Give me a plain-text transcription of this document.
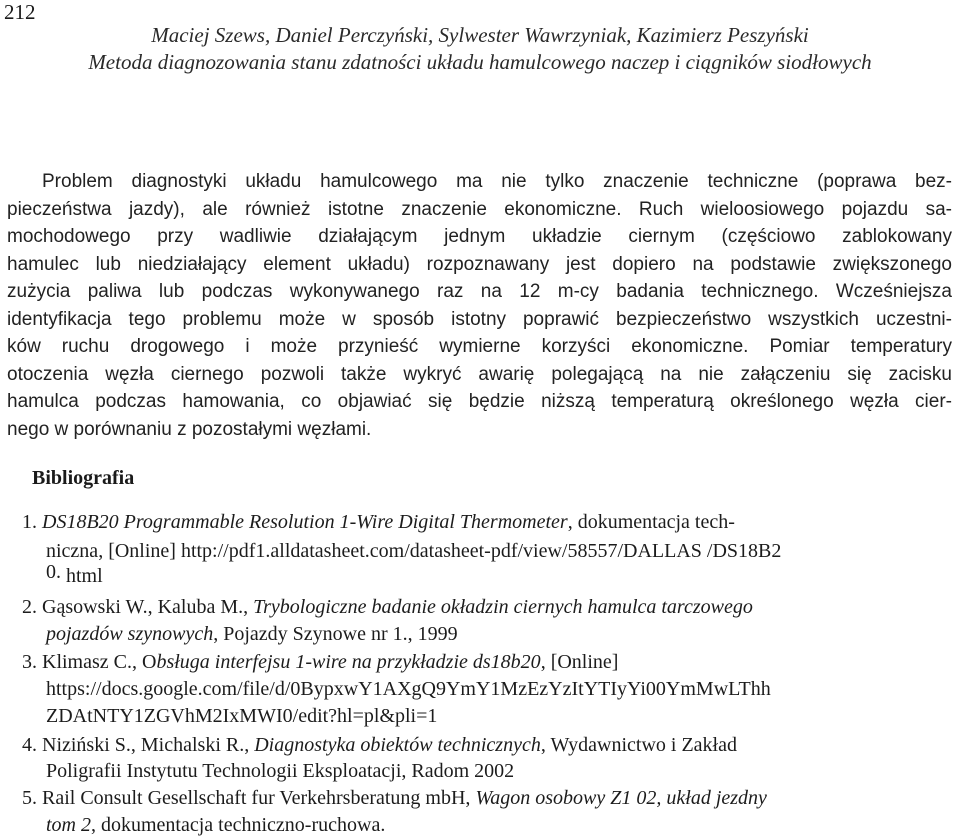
212
Maciej Szews, Daniel Perczyński, Sylwester Wawrzyniak, Kazimierz Peszyński
Metoda diagnozowania stanu zdatności układu hamulcowego naczep i ciągników siodłowych
Problem diagnostyki układu hamulcowego ma nie tylko znaczenie techniczne (poprawa bez-
pieczeństwa jazdy), ale również istotne znaczenie ekonomiczne. Ruch wieloosiowego pojazdu sa-
mochodowego przy wadliwie działającym jednym układzie ciernym (częściowo zablokowany
hamulec lub niedziałający element układu) rozpoznawany jest dopiero na podstawie zwiększonego
zużycia paliwa lub podczas wykonywanego raz na 12 m-cy badania technicznego. Wcześniejsza
identyfikacja tego problemu może w sposób istotny poprawić bezpieczeństwo wszystkich uczestni-
ków ruchu drogowego i może przynieść wymierne korzyści ekonomiczne. Pomiar temperatury
otoczenia węzła ciernego pozwoli także wykryć awarię polegającą na nie załączeniu się zacisku
hamulca podczas hamowania, co objawiać się będzie niższą temperaturą określonego węzła cier-
nego w porównaniu z pozostałymi węzłami.
Bibliografia
1. DS18B20 Programmable Resolution 1-Wire Digital Thermometer, dokumentacja tech-
niczna, [Online] http://pdf1.alldatasheet.com/datasheet-pdf/view/58557/DALLAS /DS18B2
0. html
2. Gąsowski W., Kaluba M., Trybologiczne badanie okładzin ciernych hamulca tarczowego
pojazdów szynowych, Pojazdy Szynowe nr 1., 1999
3. Klimasz C., Obsługa interfejsu 1-wire na przykładzie ds18b20, [Online]
https://docs.google.com/file/d/0BypxwY1AXgQ9YmY1MzEzYzItYTIyYi00YmMwLThh
ZDAtNTY1ZGVhM2IxMWI0/edit?hl=pl&pli=1
4. Niziński S., Michalski R., Diagnostyka obiektów technicznych, Wydawnictwo i Zakład
Poligrafii Instytutu Technologii Eksploatacji, Radom 2002
5. Rail Consult Gesellschaft fur Verkehrsberatung mbH, Wagon osobowy Z1 02, układ jezdny
tom 2, dokumentacja techniczno-ruchowa.
